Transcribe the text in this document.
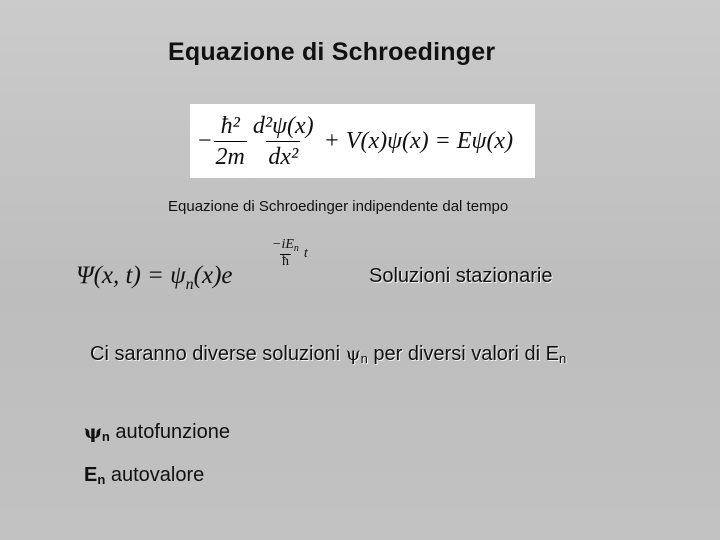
Equazione di Schroedinger
− $\frac{\text{ħ²}}{2m} \frac{\text{d²ψ(x)}}{\text{dx²}} + V(x)\psi(x) = E\psi(x)$
Equazione di Schroedinger indipendente dal tempo
Ψ(x, $t) = \psi_n(x)e$
$\frac{-iE_n}{ħ}$ t
Soluzioni stazionarie
Ci saranno diverse soluzioni ψn per diversi valori di En
ψn autofunzione
En autovalore
